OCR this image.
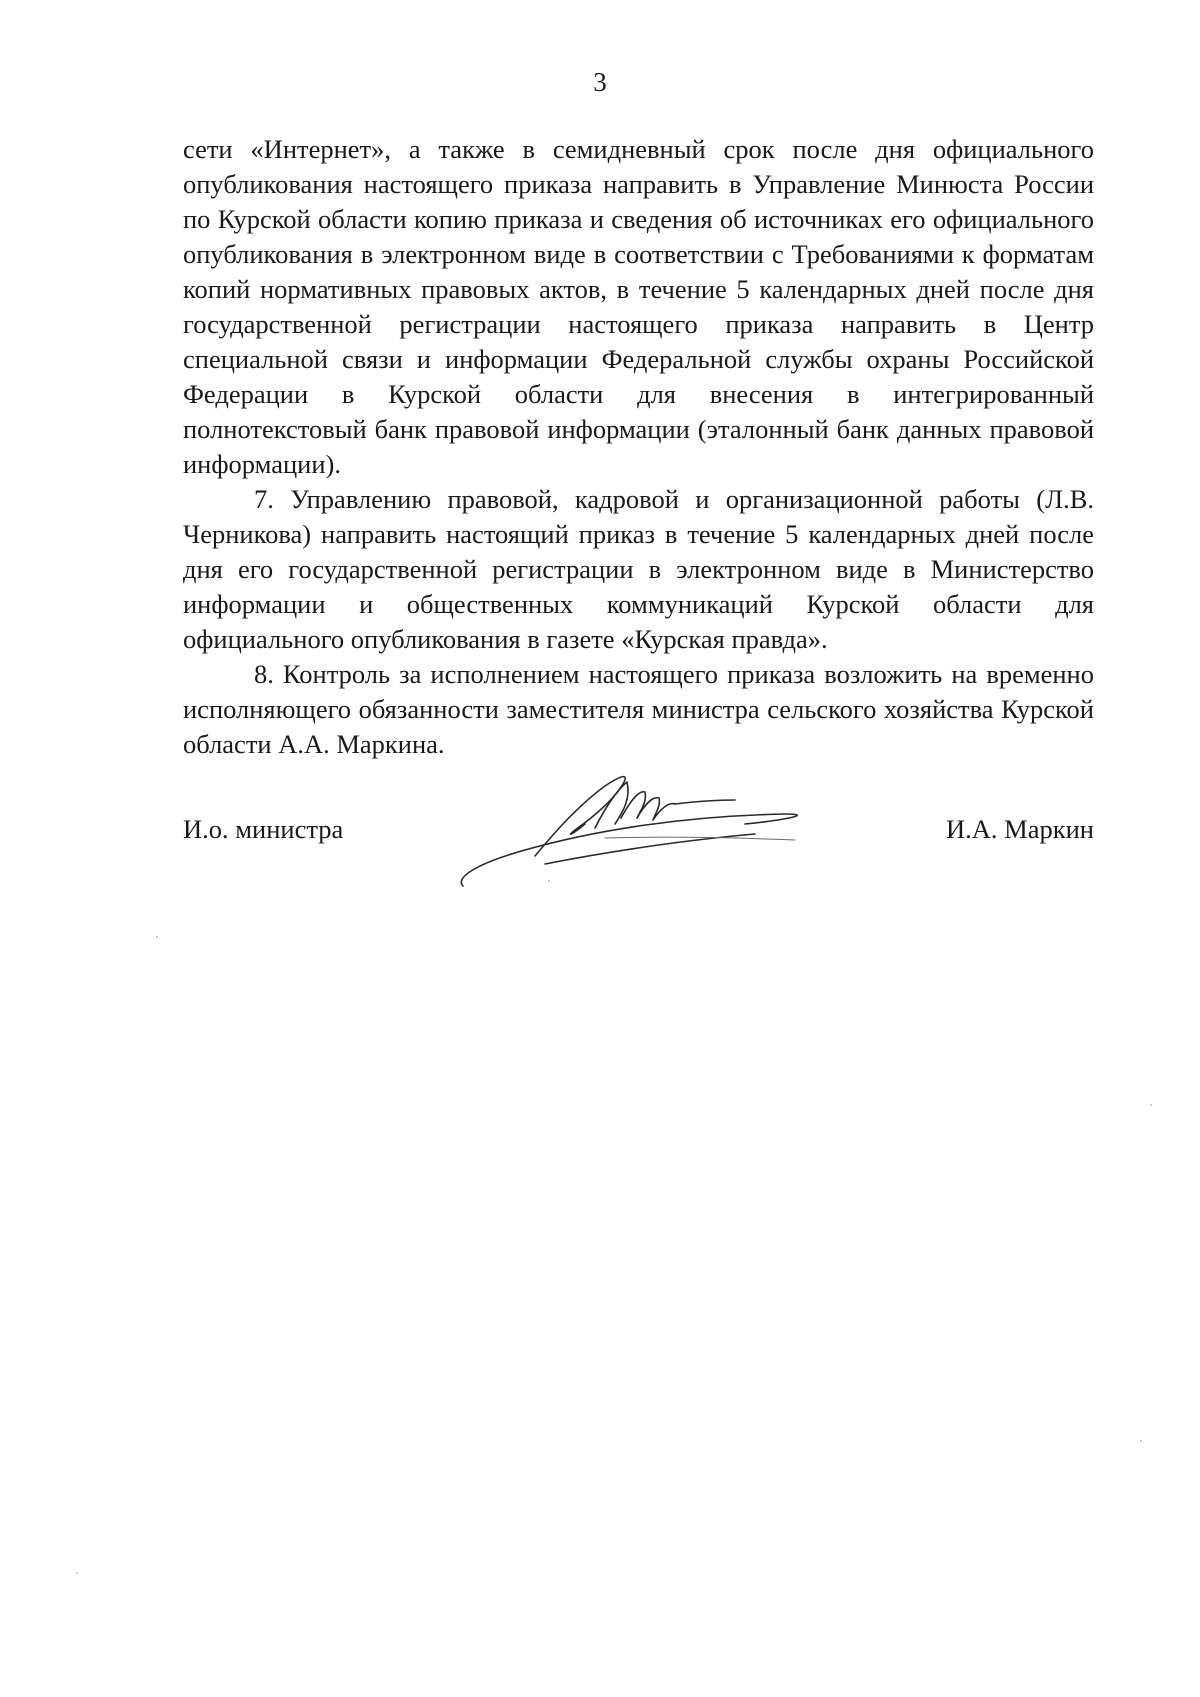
3

сети «Интернет», а также в семидневный срок после дня официального опубликования настоящего приказа направить в Управление Минюста России по Курской области копию приказа и сведения об источниках его официального опубликования в электронном виде в соответствии с Требованиями к форматам копий нормативных правовых актов, в течение 5 календарных дней после дня государственной регистрации настоящего приказа направить в Центр специальной связи и информации Федеральной службы охраны Российской Федерации в Курской области для внесения в интегрированный полнотекстовый банк правовой информации (эталонный банк данных правовой информации).

7. Управлению правовой, кадровой и организационной работы (Л.В. Черникова) направить настоящий приказ в течение 5 календарных дней после дня его государственной регистрации в электронном виде в Министерство информации и общественных коммуникаций Курской области для официального опубликования в газете «Курская правда».

8. Контроль за исполнением настоящего приказа возложить на временно исполняющего обязанности заместителя министра сельского хозяйства Курской области А.А. Маркина.

И.о. министра	И.А. Маркин
